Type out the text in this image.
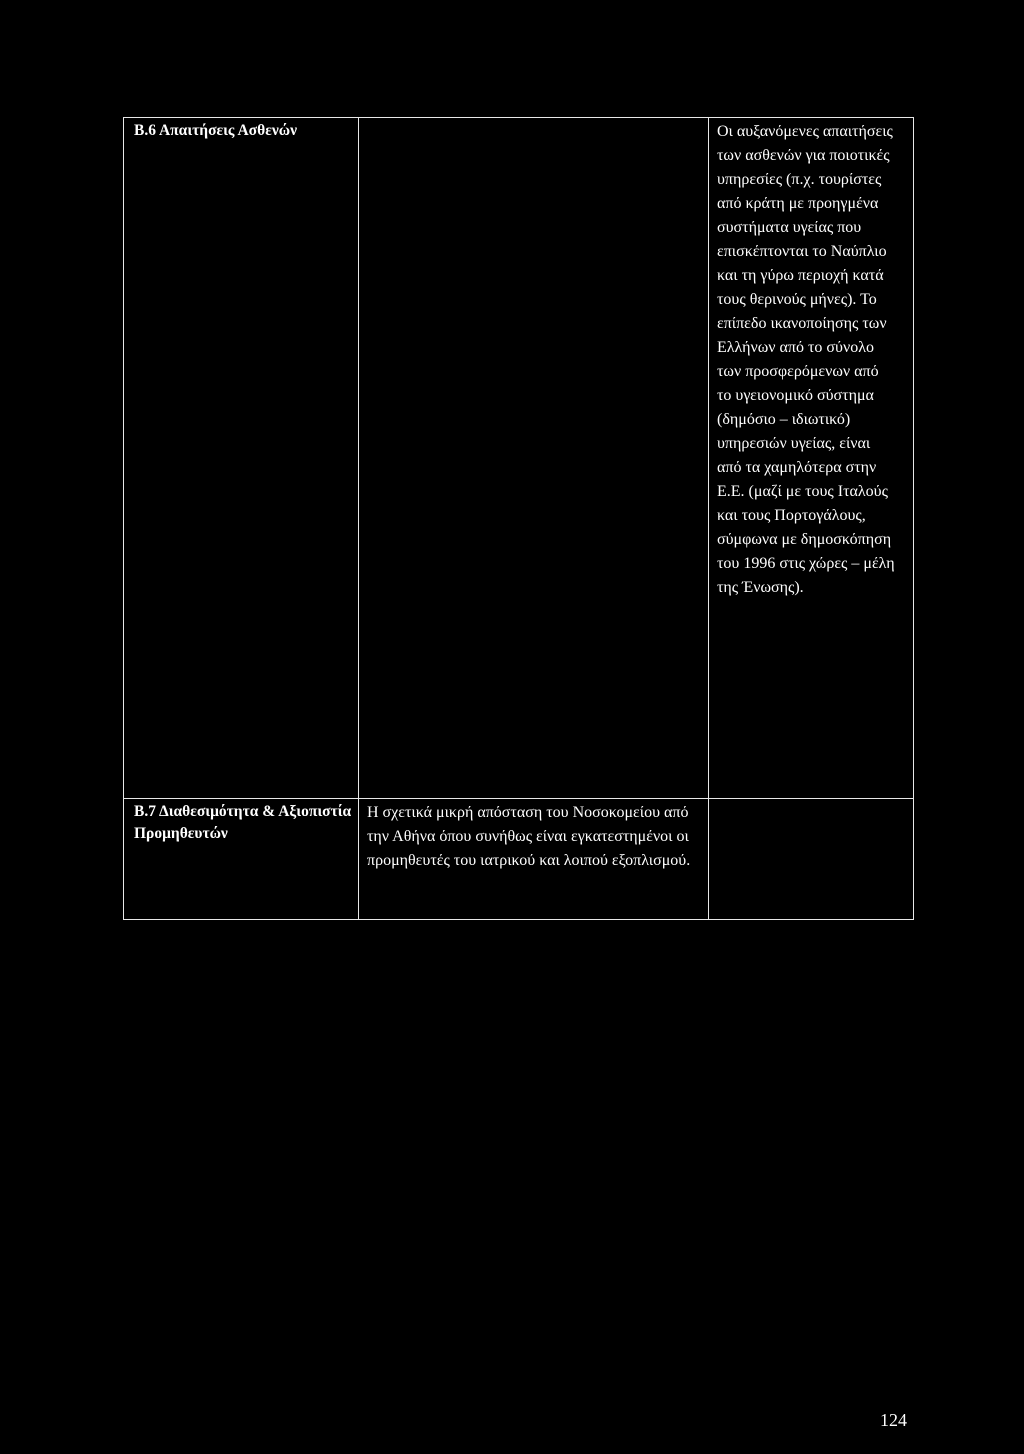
Β.6 Απαιτήσεις Ασθενών		Οι αυξανόμενες απαιτήσεις των ασθενών για ποιοτικές υπηρεσίες (π.χ. τουρίστες από κράτη με προηγμένα συστήματα υγείας που επισκέπτονται το Ναύπλιο και τη γύρω περιοχή κατά τους θερινούς μήνες). Το επίπεδο ικανοποίησης των Ελλήνων από το σύνολο των προσφερόμενων από το υγειονομικό σύστημα (δημόσιο – ιδιωτικό) υπηρεσιών υγείας, είναι από τα χαμηλότερα στην Ε.Ε. (μαζί με τους Ιταλούς και τους Πορτογάλους, σύμφωνα με δημοσκόπηση του 1996 στις χώρες – μέλη της Ένωσης).

Β.7 Διαθεσιμότητα & Αξιοπιστία Προμηθευτών	Η σχετικά μικρή απόσταση του Νοσοκομείου από την Αθήνα όπου συνήθως είναι εγκατεστημένοι οι προμηθευτές του ιατρικού και λοιπού εξοπλισμού.	

124
